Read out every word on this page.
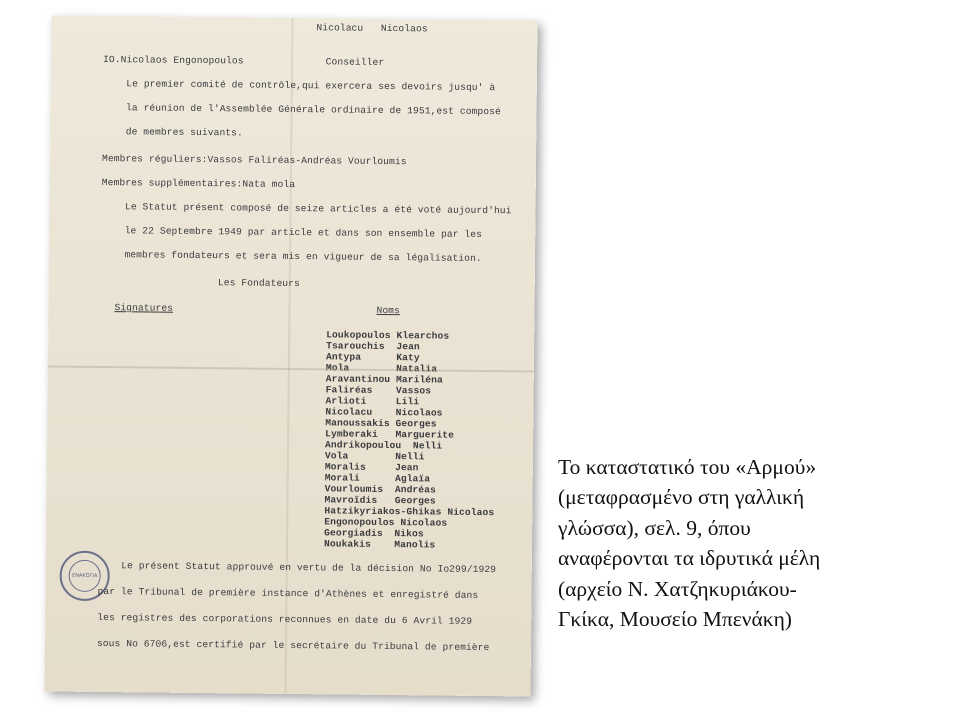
Nicolacu   Nicolaos
IO.Nicolaos Engonopoulos              Conseiller
Le premier comité de contrôle,qui exercera ses devoirs jusqu' à
la réunion de l'Assemblée Générale ordinaire de 1951,est composé
de membres suivants.
Membres réguliers:Vassos Faliréas-Andréas Vourloumis
Membres supplémentaires:Nata mola
Le Statut présent composé de seize articles a été voté aujourd'hui
le 22 Septembre 1949 par article et dans son ensemble par les
membres fondateurs et sera mis en vigueur de sa légalisation.
Les Fondateurs
Signatures	Noms
Loukopoulos Klearchos
Tsarouchis  Jean
Antypa      Katy
Mola        Natalia
Aravantinou Mariléna
Faliréas    Vassos
Arlioti     Lili
Nicolacu    Nicolaos
Manoussakis Georges
Lymberaki   Marguerite
Andrikopoulou  Nelli
Vola        Nelli
Moralis     Jean
Morali      Aglaïa
Vourloumis  Andréas
Mavroïdis   Georges
Hatzikyriakos-Ghikas Nicolaos
Engonopoulos Nicolaos
Georgiadis  Nikos
Noukakis    Manolis
ΕΝΑΚΟΓΙΑ
Le présent Statut approuvé en vertu de la décision No Io299/1929
par le Tribunal de première instance d'Athènes et enregistré dans
les registres des corporations reconnues en date du 6 Avril 1929
sous No 6706,est certifié par le secrétaire du Tribunal de première
Το καταστατικό του «Αρμού»
(μεταφρασμένο στη γαλλική
γλώσσα), σελ. 9, όπου
αναφέρονται τα ιδρυτικά μέλη
(αρχείο Ν. Χατζηκυριάκου-
Γκίκα, Μουσείο Μπενάκη)
